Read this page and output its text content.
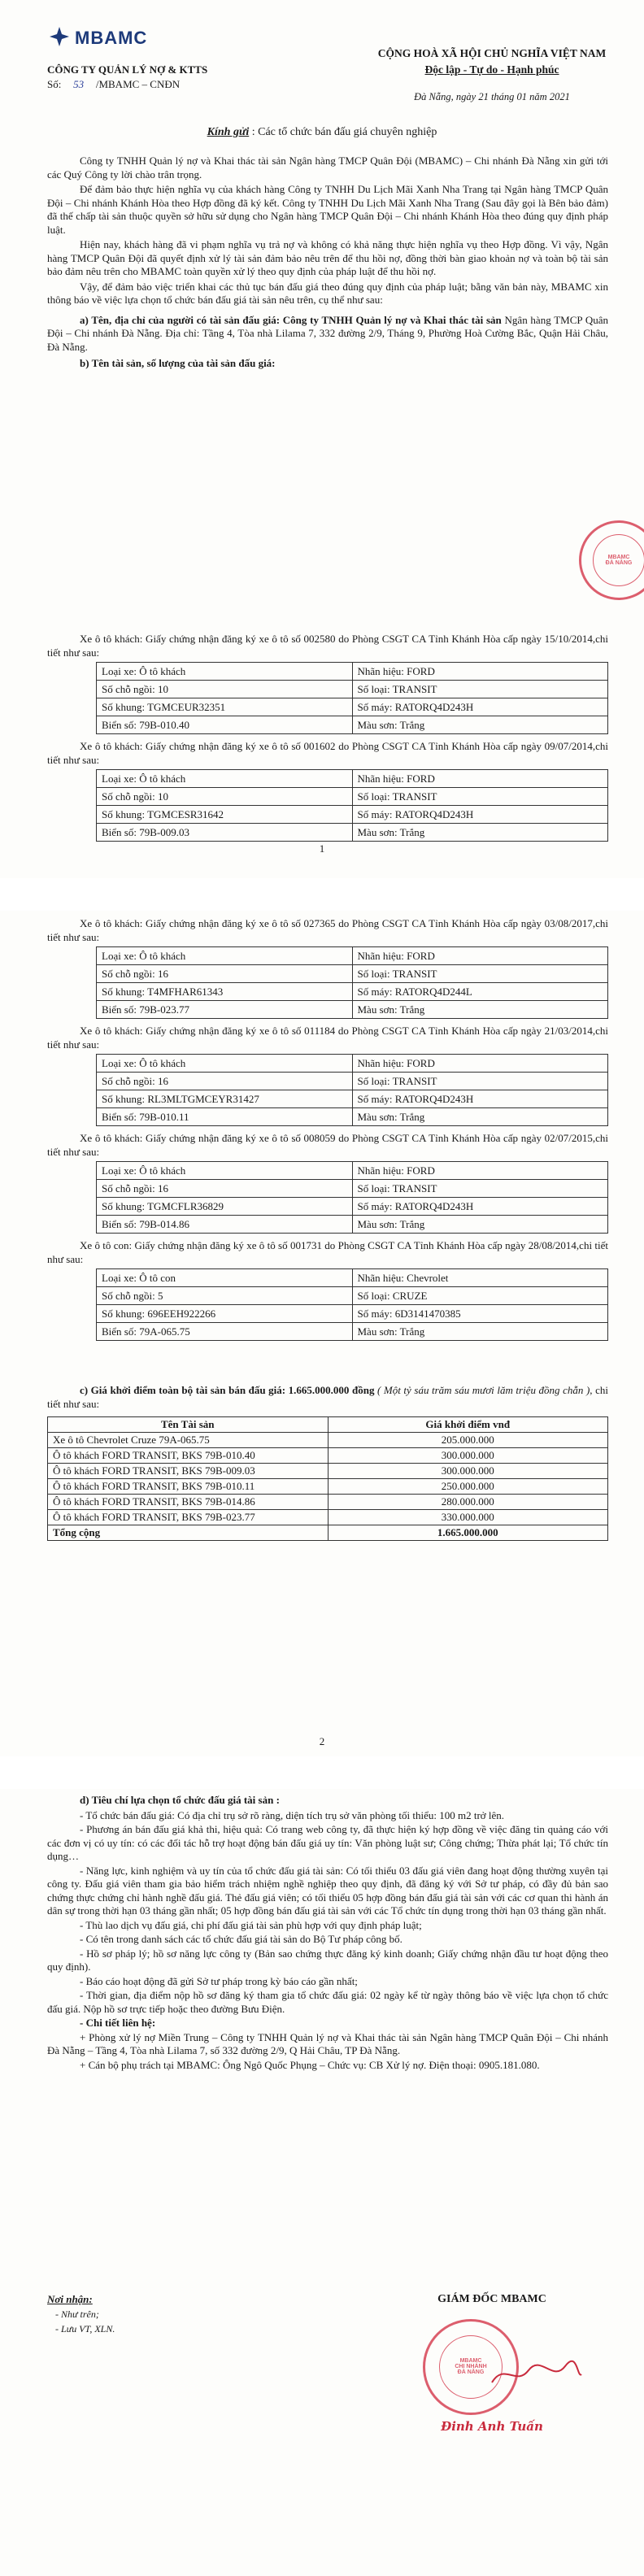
MBAMC
CÔNG TY QUẢN LÝ NỢ & KTTS
Số: 53 /MBAMC – CNĐN
CỘNG HOÀ XÃ HỘI CHỦ NGHĨA VIỆT NAM
Độc lập - Tự do - Hạnh phúc
Đà Nẵng, ngày 21 tháng 01 năm 2021
Kính gửi : Các tổ chức bán đấu giá chuyên nghiệp

Công ty TNHH Quản lý nợ và Khai thác tài sản Ngân hàng TMCP Quân Đội (MBAMC) – Chi nhánh Đà Nẵng xin gửi tới các Quý Công ty lời chào trân trọng.

Để đảm bảo thực hiện nghĩa vụ của khách hàng Công ty TNHH Du Lịch Mãi Xanh Nha Trang tại Ngân hàng TMCP Quân Đội – Chi nhánh Khánh Hòa theo Hợp đồng đã ký kết. Công ty TNHH Du Lịch Mãi Xanh Nha Trang (Sau đây gọi là Bên bảo đảm) đã thế chấp tài sản thuộc quyền sở hữu sử dụng cho Ngân hàng TMCP Quân Đội – Chi nhánh Khánh Hòa theo đúng quy định pháp luật.

Hiện nay, khách hàng đã vi phạm nghĩa vụ trả nợ và không có khả năng thực hiện nghĩa vụ theo Hợp đồng. Vì vậy, Ngân hàng TMCP Quân Đội đã quyết định xử lý tài sản đảm bảo nêu trên để thu hồi nợ, đồng thời bàn giao khoản nợ và toàn bộ tài sản bảo đảm nêu trên cho MBAMC toàn quyền xử lý theo quy định của pháp luật để thu hồi nợ.

Vậy, để đảm bảo việc triển khai các thủ tục bán đấu giá theo đúng quy định của pháp luật; bằng văn bản này, MBAMC xin thông báo về việc lựa chọn tổ chức bán đấu giá tài sản nêu trên, cụ thể như sau:

a) Tên, địa chỉ của người có tài sản đấu giá: Công ty TNHH Quản lý nợ và Khai thác tài sản Ngân hàng TMCP Quân Đội – Chi nhánh Đà Nẵng. Địa chỉ: Tầng 4, Tòa nhà Lilama 7, 332 đường 2/9, Tháng 9, Phường Hoà Cường Bắc, Quận Hải Châu, Đà Nẵng.

b) Tên tài sản, số lượng của tài sản đấu giá:

MBAMC
ĐÀ NẴNG

Xe ô tô khách: Giấy chứng nhận đăng ký xe ô tô số 002580 do Phòng CSGT CA Tỉnh Khánh Hòa cấp ngày 15/10/2014,chi tiết như sau:

Loại xe: Ô tô khách	Nhãn hiệu: FORD
Số chỗ ngồi: 10	Số loại: TRANSIT
Số khung: TGMCEUR32351	Số máy: RATORQ4D243H
Biển số: 79B-010.40	Màu sơn: Trắng

Xe ô tô khách: Giấy chứng nhận đăng ký xe ô tô số 001602 do Phòng CSGT CA Tỉnh Khánh Hòa cấp ngày 09/07/2014,chi tiết như sau:

Loại xe: Ô tô khách	Nhãn hiệu: FORD
Số chỗ ngồi: 10	Số loại: TRANSIT
Số khung: TGMCESR31642	Số máy: RATORQ4D243H
Biển số: 79B-009.03	Màu sơn: Trắng
1

Xe ô tô khách: Giấy chứng nhận đăng ký xe ô tô số 027365 do Phòng CSGT CA Tỉnh Khánh Hòa cấp ngày 03/08/2017,chi tiết như sau:

Loại xe: Ô tô khách	Nhãn hiệu: FORD
Số chỗ ngồi: 16	Số loại: TRANSIT
Số khung: T4MFHAR61343	Số máy: RATORQ4D244L
Biển số: 79B-023.77	Màu sơn: Trắng

Xe ô tô khách: Giấy chứng nhận đăng ký xe ô tô số 011184 do Phòng CSGT CA Tỉnh Khánh Hòa cấp ngày 21/03/2014,chi tiết như sau:

Loại xe: Ô tô khách	Nhãn hiệu: FORD
Số chỗ ngồi: 16	Số loại: TRANSIT
Số khung: RL3MLTGMCEYR31427	Số máy: RATORQ4D243H
Biển số: 79B-010.11	Màu sơn: Trắng

Xe ô tô khách: Giấy chứng nhận đăng ký xe ô tô số 008059 do Phòng CSGT CA Tỉnh Khánh Hòa cấp ngày 02/07/2015,chi tiết như sau:

Loại xe: Ô tô khách	Nhãn hiệu: FORD
Số chỗ ngồi: 16	Số loại: TRANSIT
Số khung: TGMCFLR36829	Số máy: RATORQ4D243H
Biển số: 79B-014.86	Màu sơn: Trắng

Xe ô tô con: Giấy chứng nhận đăng ký xe ô tô số 001731 do Phòng CSGT CA Tỉnh Khánh Hòa cấp ngày 28/08/2014,chi tiết như sau:

Loại xe: Ô tô con	Nhãn hiệu: Chevrolet
Số chỗ ngồi: 5	Số loại: CRUZE
Số khung: 696EEH922266	Số máy: 6D3141470385
Biển số: 79A-065.75	Màu sơn: Trắng

c) Giá khởi điểm toàn bộ tài sản bán đấu giá: 1.665.000.000 đồng ( Một tỷ sáu trăm sáu mươi lăm triệu đồng chẵn ), chi tiết như sau:

Tên Tài sản	Giá khởi điểm vnđ
Xe ô tô Chevrolet Cruze 79A-065.75	205.000.000
Ô tô khách FORD TRANSIT, BKS 79B-010.40	300.000.000
Ô tô khách FORD TRANSIT, BKS 79B-009.03	300.000.000
Ô tô khách FORD TRANSIT, BKS 79B-010.11	250.000.000
Ô tô khách FORD TRANSIT, BKS 79B-014.86	280.000.000
Ô tô khách FORD TRANSIT, BKS 79B-023.77	330.000.000
Tổng cộng	1.665.000.000
2

d) Tiêu chí lựa chọn tổ chức đấu giá tài sản :

- Tổ chức bán đấu giá: Có địa chỉ trụ sở rõ ràng, diện tích trụ sở văn phòng tối thiểu: 100 m2 trở lên.

- Phương án bán đấu giá khả thi, hiệu quả: Có trang web công ty, đã thực hiện ký hợp đồng về việc đăng tin quảng cáo với các đơn vị có uy tín: có các đối tác hỗ trợ hoạt động bán đấu giá uy tín: Văn phòng luật sư; Công chứng; Thừa phát lại; Tổ chức tín dụng…

- Năng lực, kinh nghiệm và uy tín của tổ chức đấu giá tài sản: Có tối thiểu 03 đấu giá viên đang hoạt động thường xuyên tại công ty. Đấu giá viên tham gia bảo hiểm trách nhiệm nghề nghiệp theo quy định, đã đăng ký với Sở tư pháp, có đầy đủ bản sao chứng thực chứng chỉ hành nghề đấu giá. Thẻ đấu giá viên; có tối thiểu 05 hợp đồng bán đấu giá tài sản với các cơ quan thi hành án dân sự trong thời hạn 03 tháng gần nhất; 05 hợp đồng bán đấu giá tài sản với các Tổ chức tín dụng trong thời hạn 03 tháng gần nhất.

- Thù lao dịch vụ đấu giá, chi phí đấu giá tài sản phù hợp với quy định pháp luật;

- Có tên trong danh sách các tổ chức đấu giá tài sản do Bộ Tư pháp công bố.

- Hồ sơ pháp lý; hồ sơ năng lực công ty (Bản sao chứng thực đăng ký kinh doanh; Giấy chứng nhận đầu tư hoạt động theo quy định).

- Báo cáo hoạt động đã gửi Sở tư pháp trong kỳ báo cáo gần nhất;

- Thời gian, địa điểm nộp hồ sơ đăng ký tham gia tổ chức đấu giá: 02 ngày kể từ ngày thông báo về việc lựa chọn tổ chức đấu giá. Nộp hồ sơ trực tiếp hoặc theo đường Bưu Điện.

- Chi tiết liên hệ:

+ Phòng xử lý nợ Miền Trung – Công ty TNHH Quản lý nợ và Khai thác tài sản Ngân hàng TMCP Quân Đội – Chi nhánh Đà Nẵng – Tầng 4, Tòa nhà Lilama 7, số 332 đường 2/9, Q Hải Châu, TP Đà Nẵng.

+ Cán bộ phụ trách tại MBAMC: Ông Ngô Quốc Phụng – Chức vụ: CB Xử lý nợ. Điện thoại: 0905.181.080.

Nơi nhận:

- Như trên;

- Lưu VT, XLN.

GIÁM ĐỐC MBAMC
MBAMC
CHI NHÁNH
ĐÀ NẴNG
Đinh Anh Tuấn
